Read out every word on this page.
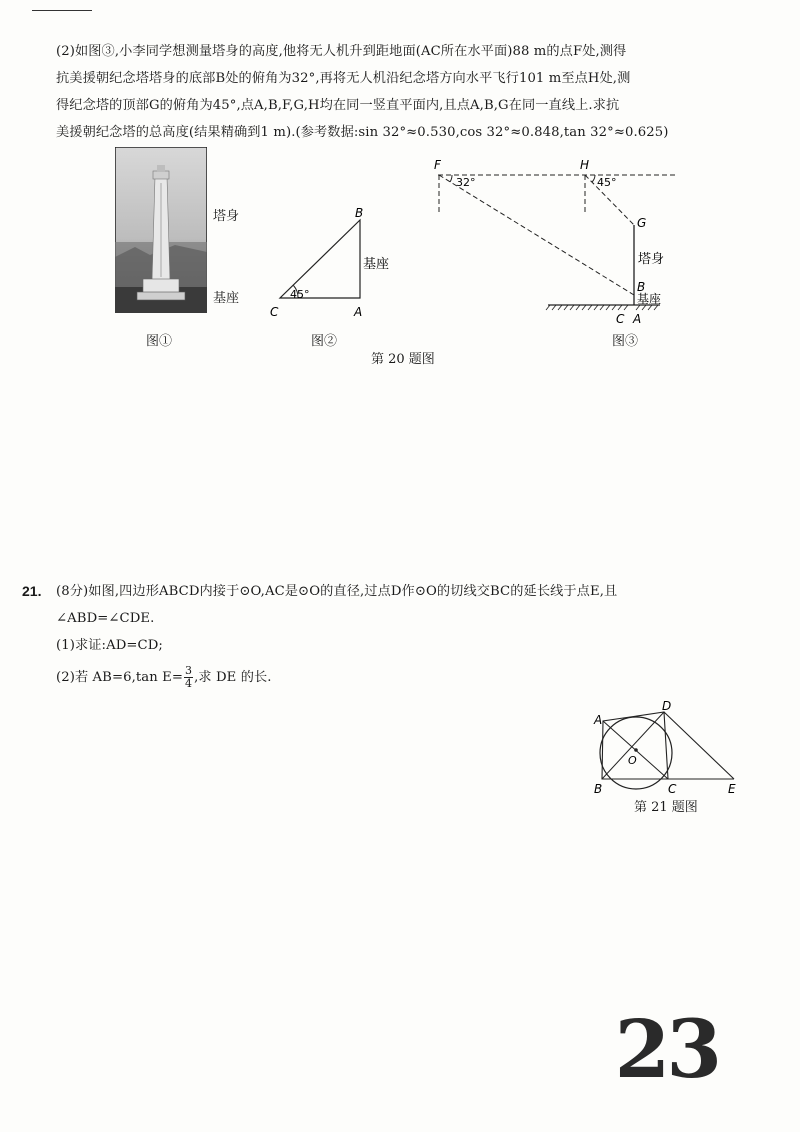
(2)如图③,小李同学想测量塔身的高度,他将无人机升到距地面(AC所在水平面)88 m的点F处,测得
抗美援朝纪念塔塔身的底部B处的俯角为32°,再将无人机沿纪念塔方向水平飞行101 m至点H处,测
得纪念塔的顶部G的俯角为45°,点A,B,F,G,H均在同一竖直平面内,且点A,B,G在同一直线上.求抗
美援朝纪念塔的总高度(结果精确到1 m).(参考数据:sin 32°≈0.530,cos 32°≈0.848,tan 32°≈0.625)
塔身
基座
图①
45°
C	A
B
基座
图②
F	H
32°	45°
G
塔身
B
基座
C A
图③
第 20 题图
21. (8分)如图,四边形ABCD内接于⊙O,AC是⊙O的直径,过点D作⊙O的切线交BC的延长线于点E,且
∠ABD=∠CDE.
(1)求证:AD=CD;
(2)若 AB=6,tan $E= \frac{3}{4}$ ,求 DE 的长.
A
B	C
D
E
O
第 21 题图
23
